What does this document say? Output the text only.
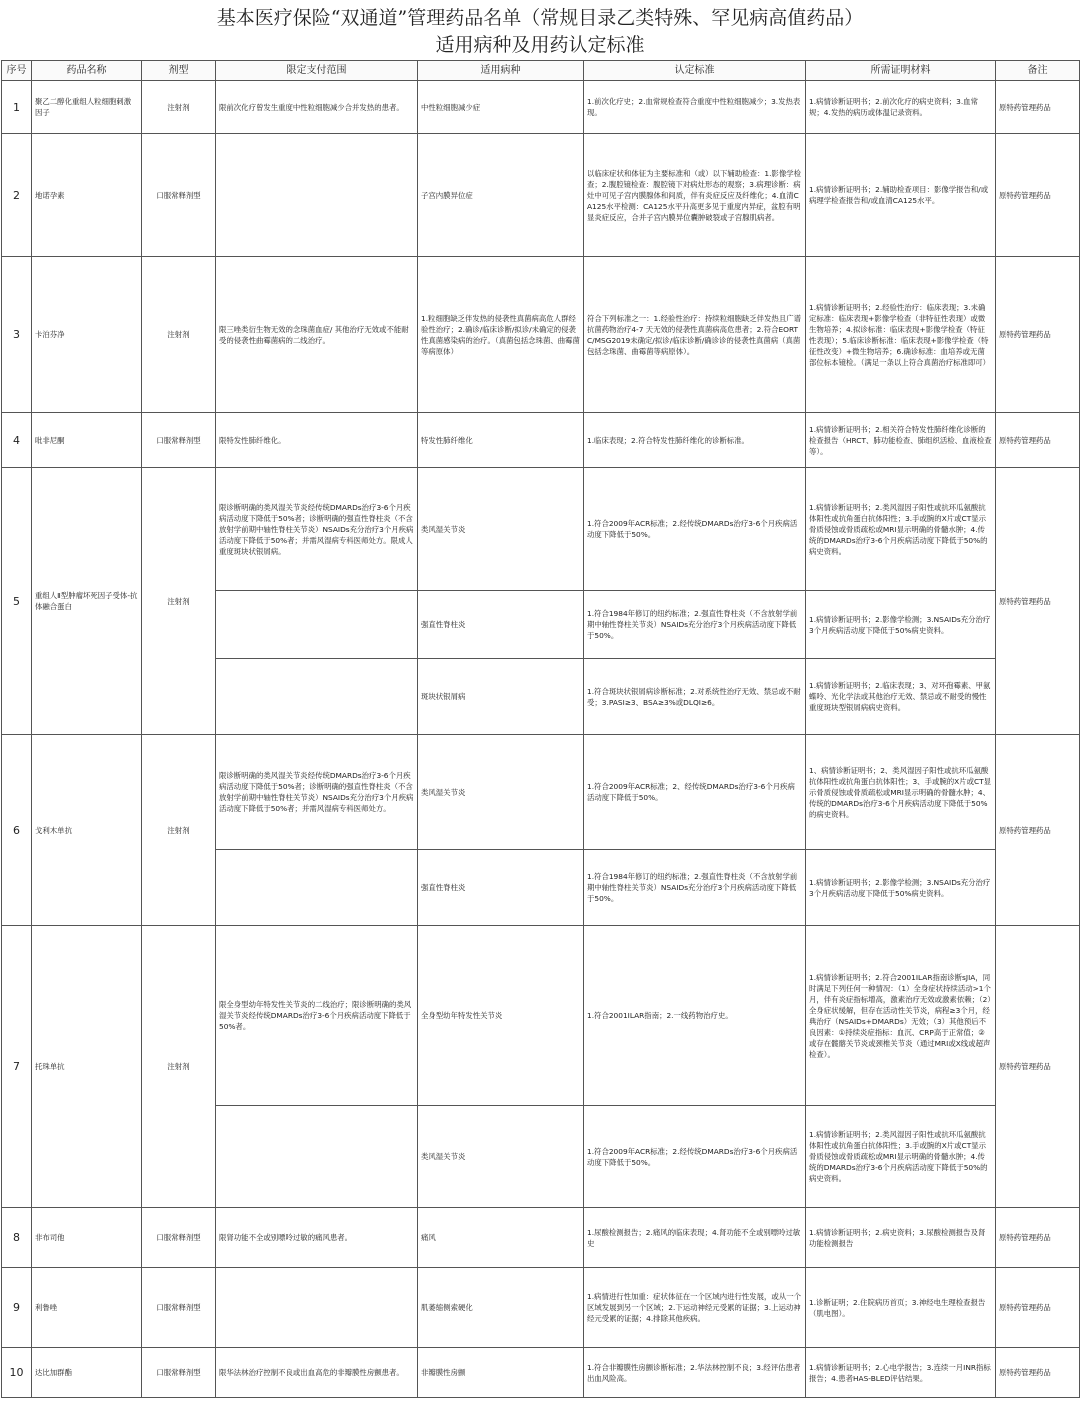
基本医疗保险“双通道”管理药品名单（常规目录乙类特殊、罕见病高值药品）
适用病种及用药认定标准
序号	药品名称	剂型	限定支付范围	适用病种	认定标准	所需证明材料	备注
1	聚乙二醇化重组人粒细胞刺激因子	注射剂	限前次化疗曾发生重度中性粒细胞减少合并发热的患者。	中性粒细胞减少症	1.前次化疗史；2.血常规检查符合重度中性粒细胞减少；3.发热表现。	1.病情诊断证明书；2.前次化疗的病史资料；3.血常规；4.发热的病历或体温记录资料。	原特药管理药品
2	地诺孕素	口服常释剂型		子宫内膜异位症	以临床症状和体征为主要标准和（或）以下辅助检查：1.影像学检查；2.腹腔镜检查：腹腔镜下对病灶形态的观察；3.病理诊断：病灶中可见子宫内膜腺体和间质，伴有炎症反应及纤维化；4.血清CA125水平检测：CA125水平升高更多见于重度内异症，盆腔有明显炎症反应，合并子宫内膜异位囊肿破裂或子宫腺肌病者。	1.病情诊断证明书；2.辅助检查项目：影像学报告和/或病理学检查报告和/或血清CA125水平。	原特药管理药品
3	卡泊芬净	注射剂	限三唑类衍生物无效的念珠菌血症/ 其他治疗无效或不能耐受的侵袭性曲霉菌病的二线治疗。	1.粒细胞缺乏伴发热的侵袭性真菌病高危人群经验性治疗；2.确诊/临床诊断/拟诊/未确定的侵袭性真菌感染病的治疗。（真菌包括念珠菌、曲霉菌等病原体）	符合下列标准之一：1.经验性治疗：持续粒细胞缺乏伴发热且广谱抗菌药物治疗4-7 天无效的侵袭性真菌病高危患者；2.符合EORTC/MSG2019未确定/拟诊/临床诊断/确诊诊的侵袭性真菌病（真菌包括念珠菌、曲霉菌等病原体）。	1.病情诊断证明书；2.经验性治疗：临床表现；3.未确定标准：临床表现+影像学检查（非特征性表现）或微生物培养；4.拟诊标准：临床表现+影像学检查（特征性表现）；5.临床诊断标准：临床表现+影像学检查（特征性改变）+微生物培养；6.确诊标准：血培养或无菌部位标本镜检。（满足一条以上符合真菌治疗标准即可）	原特药管理药品
4	吡非尼酮	口服常释剂型	限特发性肺纤维化。	特发性肺纤维化	1.临床表现；2.符合特发性肺纤维化的诊断标准。	1.病情诊断证明书；2.相关符合特发性肺纤维化诊断的检查报告（HRCT、肺功能检查、肺组织活检、血液检查等）。	原特药管理药品
5	重组人Ⅱ型肿瘤坏死因子受体-抗体融合蛋白	注射剂	限诊断明确的类风湿关节炎经传统DMARDs治疗3-6个月疾病活动度下降低于50%者；诊断明确的强直性脊柱炎（不含放射学前期中轴性脊柱关节炎）NSAIDs充分治疗3个月疾病活动度下降低于50%者；并需风湿病专科医师处方。限成人重度斑块状银屑病。	类风湿关节炎	1.符合2009年ACR标准；2.经传统DMARDs治疗3-6个月疾病活动度下降低于50%。	1.病情诊断证明书；2.类风湿因子阳性或抗环瓜氨酸抗体阳性或抗角蛋白抗体阳性；3.手或腕的X片或CT显示骨质侵蚀或骨质疏松或MRI显示明确的骨髓水肿；4.传统的DMARDs治疗3-6个月疾病活动度下降低于50%的病史资料。	原特药管理药品
				强直性脊柱炎	1.符合1984年修订的纽约标准；2.强直性脊柱炎（不含放射学前期中轴性脊柱关节炎）NSAIDs充分治疗3个月疾病活动度下降低于50%。	1.病情诊断证明书；2.影像学检测；3.NSAIDs充分治疗3个月疾病活动度下降低于50%病史资料。	
				斑块状银屑病	1.符合斑块状银屑病诊断标准；2.对系统性治疗无效、禁忌或不耐受；3.PASI≥3、BSA≥3%或DLQI≥6。	1.病情诊断证明书；2.临床表现；3、对环孢霉素、甲氨蝶呤、光化学法或其他治疗无效、禁忌或不耐受的慢性重度斑块型银屑病病史资料。	
6	戈利木单抗	注射剂	限诊断明确的类风湿关节炎经传统DMARDs治疗3-6个月疾病活动度下降低于50%者；诊断明确的强直性脊柱炎（不含放射学前期中轴性脊柱关节炎）NSAIDs充分治疗3个月疾病活动度下降低于50%者；并需风湿病专科医师处方。	类风湿关节炎	1.符合2009年ACR标准；2、经传统DMARDs治疗3-6个月疾病活动度下降低于50%。	1、病情诊断证明书；2、类风湿因子阳性或抗环瓜氨酸抗体阳性或抗角蛋白抗体阳性；3、手或腕的X片或CT显示骨质侵蚀或骨质疏松或MRI显示明确的骨髓水肿；4、传统的DMARDs治疗3-6个月疾病活动度下降低于50%的病史资料。	原特药管理药品
				强直性脊柱炎	1.符合1984年修订的纽约标准；2.强直性脊柱炎（不含放射学前期中轴性脊柱关节炎）NSAIDs充分治疗3个月疾病活动度下降低于50%。	1.病情诊断证明书；2.影像学检测；3.NSAIDs充分治疗3个月疾病活动度下降低于50%病史资料。	
7	托珠单抗	注射剂	限全身型幼年特发性关节炎的二线治疗；限诊断明确的类风湿关节炎经传统DMARDs治疗3-6个月疾病活动度下降低于50%者。	全身型幼年特发性关节炎	1.符合2001ILAR指南；2.一线药物治疗史。	1.病情诊断证明书；2.符合2001ILAR指南诊断sJIA，同时满足下列任何一种情况：（1）全身症状持续活动>1个月，伴有炎症指标增高，激素治疗无效或激素依赖；（2）全身症状缓解，但存在活动性关节炎，病程≥3个月，经典治疗（NSAIDs+DMARDs）无效；（3）其他预后不良因素：①持续炎症指标：血沉、CRP高于正常值；②或存在髋髂关节炎或颈椎关节炎（通过MRI或X线或超声检查）。	原特药管理药品
				类风湿关节炎	1.符合2009年ACR标准；2.经传统DMARDs治疗3-6个月疾病活动度下降低于50%。	1.病情诊断证明书；2.类风湿因子阳性或抗环瓜氨酸抗体阳性或抗角蛋白抗体阳性；3.手或腕的X片或CT显示骨质侵蚀或骨质疏松或MRI显示明确的骨髓水肿；4.传统的DMARDs治疗3-6个月疾病活动度下降低于50%的病史资料。	
8	非布司他	口服常释剂型	限肾功能不全或别嘌呤过敏的痛风患者。	痛风	1.尿酸检测报告；2.痛风的临床表现；4.肾功能不全或别嘌呤过敏史	1.病情诊断证明书；2.病史资料；3.尿酸检测报告及肾功能检测报告	原特药管理药品
9	利鲁唑	口服常释剂型		肌萎缩侧索硬化	1.病情进行性加重：症状体征在一个区域内进行性发展，或从一个区域发展到另一个区域；2.下运动神经元受累的证据；3.上运动神经元受累的证据；4.排除其他疾病。	1.诊断证明；2.住院病历首页；3.神经电生理检查报告（肌电图）。	原特药管理药品
10	达比加群酯	口服常释剂型	限华法林治疗控制不良或出血高危的非瓣膜性房颤患者。	非瓣膜性房颤	1.符合非瓣膜性房颤诊断标准；2.华法林控制不良；3.经评估患者出血风险高。	1.病情诊断证明书；2.心电学报告；3.连续一月INR指标报告；4.患者HAS-BLED评估结果。	原特药管理药品
